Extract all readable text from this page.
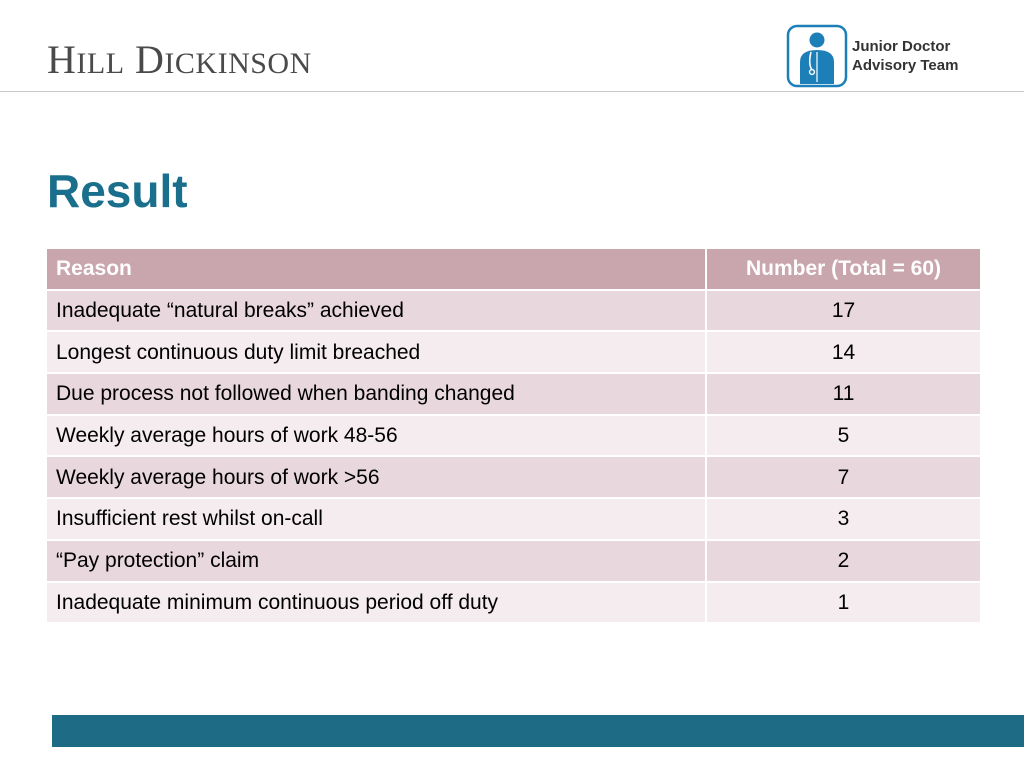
HILL DICKINSON
Junior Doctor
Advisory Team
Result
Reason	Number (Total = 60)
Inadequate “natural breaks” achieved	17
Longest continuous duty limit breached	14
Due process not followed when banding changed	11
Weekly average hours of work 48-56	5
Weekly average hours of work >56	7
Insufficient rest whilst on-call	3
“Pay protection” claim	2
Inadequate minimum continuous period off duty	1
